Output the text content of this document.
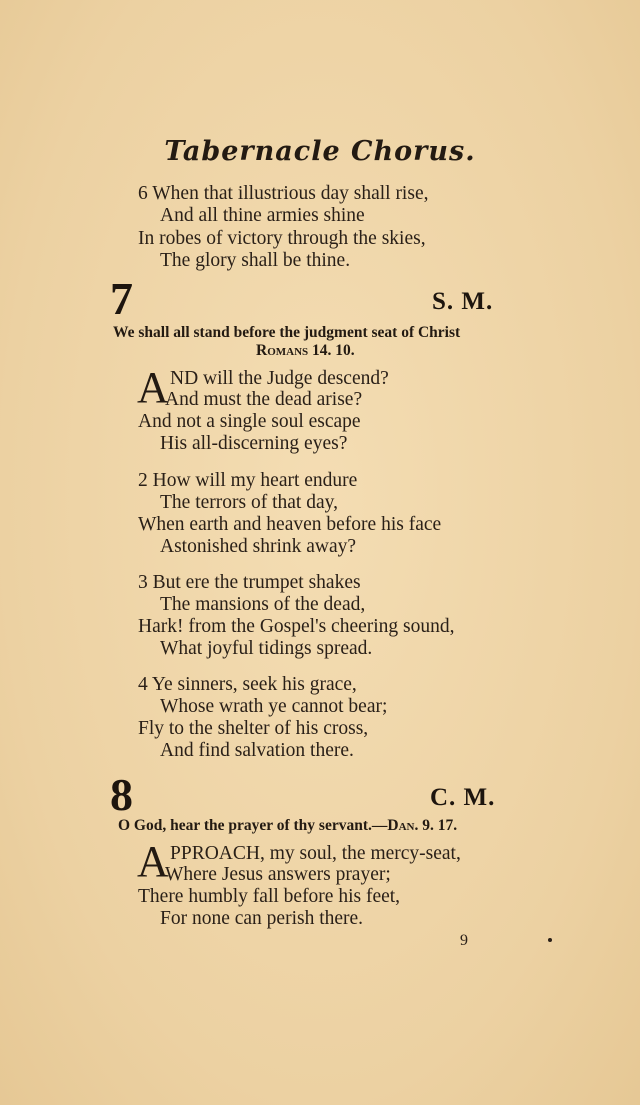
Tabernacle Chorus.
6 When that illustrious day shall rise,
And all thine armies shine
In robes of victory through the skies,
The glory shall be thine.
7	S. M.
We shall all stand before the judgment seat of Christ
Romans 14. 10.
A ND will the Judge descend?
And must the dead arise?
And not a single soul escape
His all-discerning eyes?
2 How will my heart endure
The terrors of that day,
When earth and heaven before his face
Astonished shrink away?
3 But ere the trumpet shakes
The mansions of the dead,
Hark! from the Gospel's cheering sound,
What joyful tidings spread.
4 Ye sinners, seek his grace,
Whose wrath ye cannot bear;
Fly to the shelter of his cross,
And find salvation there.
8	C. M.
O God, hear the prayer of thy servant.—Dan. 9. 17.
A PPROACH, my soul, the mercy-seat,
Where Jesus answers prayer;
There humbly fall before his feet,
For none can perish there.
9
